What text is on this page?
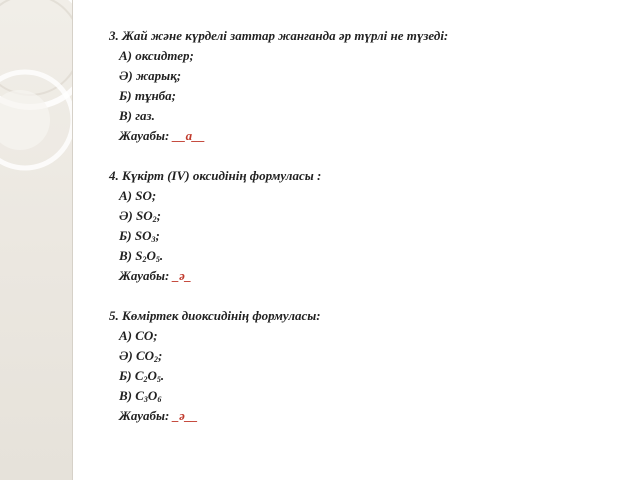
3. Жай және күрделі заттар жанғанда әр түрлі не түзеді:
А) оксидтер;
Ә) жарық;
Б) тұнба;
В) газ.
Жауабы: __а__
4. Күкірт (IV) оксидінің формуласы :
А) SO;
Ә) $SO_2$;
Б) $SO_3$;
В) $S_2O_5$.
Жауабы: _ә_
5. Көміртек диоксидінің формуласы:
А) CO;
Ә) $CO_2$;
Б) $C_2O_5$.
В) $C_3O_6$
Жауабы: _ә__
